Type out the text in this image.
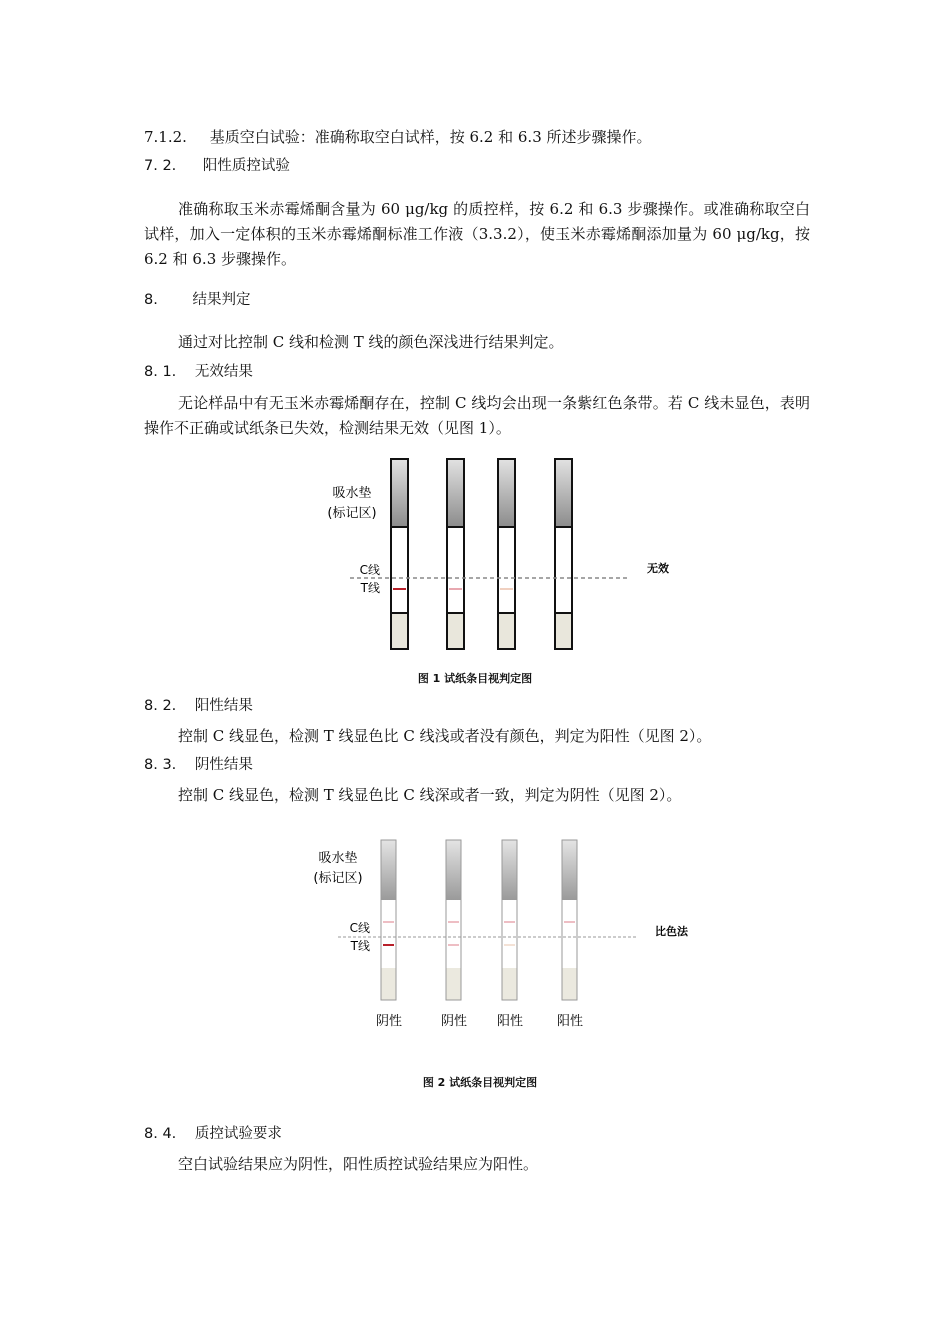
7.1.2. 基质空白试验：准确称取空白试样，按 6.2 和 6.3 所述步骤操作。
7. 2. 阳性质控试验
准确称取玉米赤霉烯酮含量为 60 μg/kg 的质控样，按 6.2 和 6.3 步骤操作。或准确称取空白试样，加入一定体积的玉米赤霉烯酮标准工作液（3.3.2），使玉米赤霉烯酮添加量为 60 μg/kg，按 6.2 和 6.3 步骤操作。
8. 结果判定
通过对比控制 C 线和检测 T 线的颜色深浅进行结果判定。
8. 1. 无效结果
无论样品中有无玉米赤霉烯酮存在，控制 C 线均会出现一条紫红色条带。若 C 线未显色，表明操作不正确或试纸条已失效，检测结果无效（见图 1）。
吸水垫
(标记区)
C线
T线
无效
图 1 试纸条目视判定图
8. 2. 阳性结果
控制 C 线显色，检测 T 线显色比 C 线浅或者没有颜色，判定为阳性（见图 2）。
8. 3. 阴性结果
控制 C 线显色，检测 T 线显色比 C 线深或者一致，判定为阴性（见图 2）。
吸水垫
(标记区)
C线
T线
比色法
阴性	阴性 阳性	阳性
图 2 试纸条目视判定图
8. 4. 质控试验要求
空白试验结果应为阴性，阳性质控试验结果应为阳性。
